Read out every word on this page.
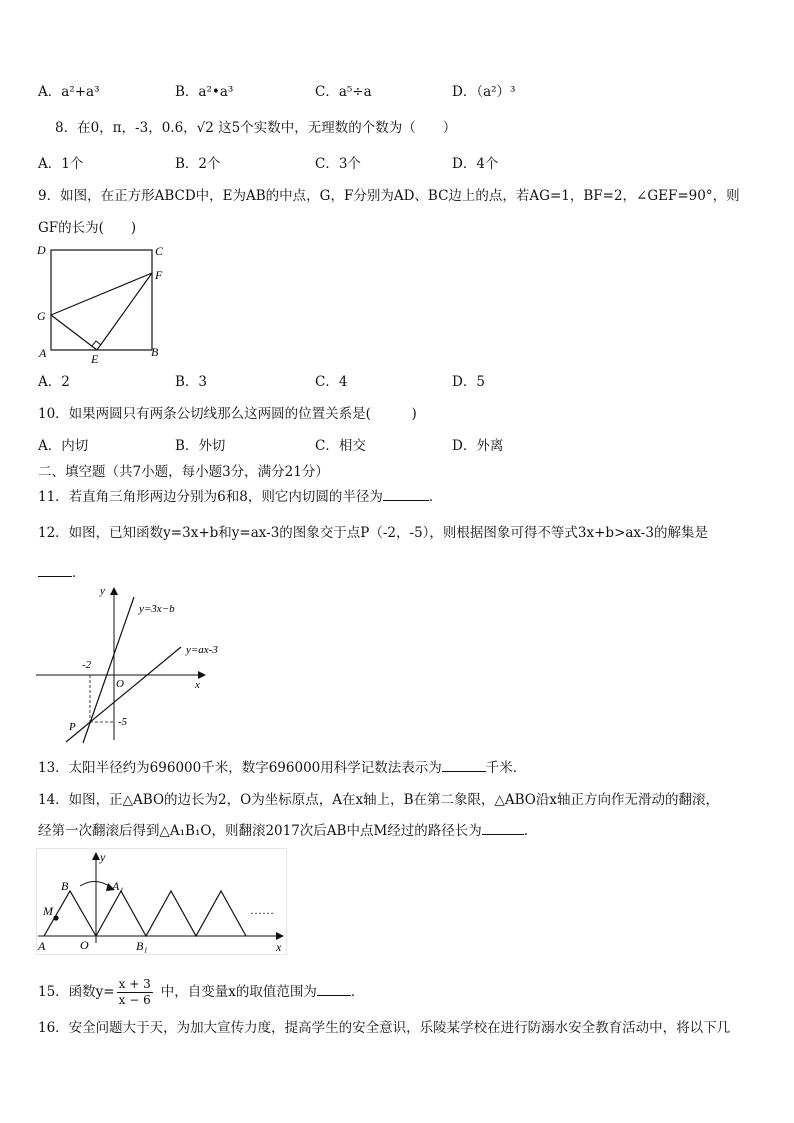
A．a²+a³	B．a²•a³	C．a⁵÷a	D．（a²）³
8．在0，π，-3，0.6，√2 这5个实数中，无理数的个数为（　　）
A．1个	B．2个	C．3个	D．4个
9．如图，在正方形ABCD中，E为AB的中点，G，F分别为AD、BC边上的点，若AG=1，BF=2，∠GEF=90°，则
GF的长为(　　)
D	C
F
G
A	E	B
A．2	B．3	C．4	D．5
10．如果两圆只有两条公切线那么这两圆的位置关系是(　　　)
A．内切	B．外切	C．相交	D．外离
二、填空题（共7小题，每小题3分，满分21分）
11．若直角三角形两边分别为6和8，则它内切圆的半径为	．
12．如图，已知函数y=3x+b和y=ax-3的图象交于点P（-2，-5），则根据图象可得不等式3x+b>ax-3的解集是
．
y
x
O
y=3x−b
y=ax-3
-2
-5
P
13．太阳半径约为696000千米，数字696000用科学记数法表示为	千米．
14．如图，正△ABO的边长为2，O为坐标原点，A在x轴上，B在第二象限，△ABO沿x轴正方向作无滑动的翻滚，
经第一次翻滚后得到△A₁B₁O，则翻滚2017次后AB中点M经过的路径长为	．
……
y
x
B	A₁
M
A	O	B₁
15．函数$y= \frac{x + 3}{x - 6}$ 中，自变量x的取值范围为	．
16．安全问题大于天，为加大宣传力度，提高学生的安全意识，乐陵某学校在进行防溺水安全教育活动中，将以下几
